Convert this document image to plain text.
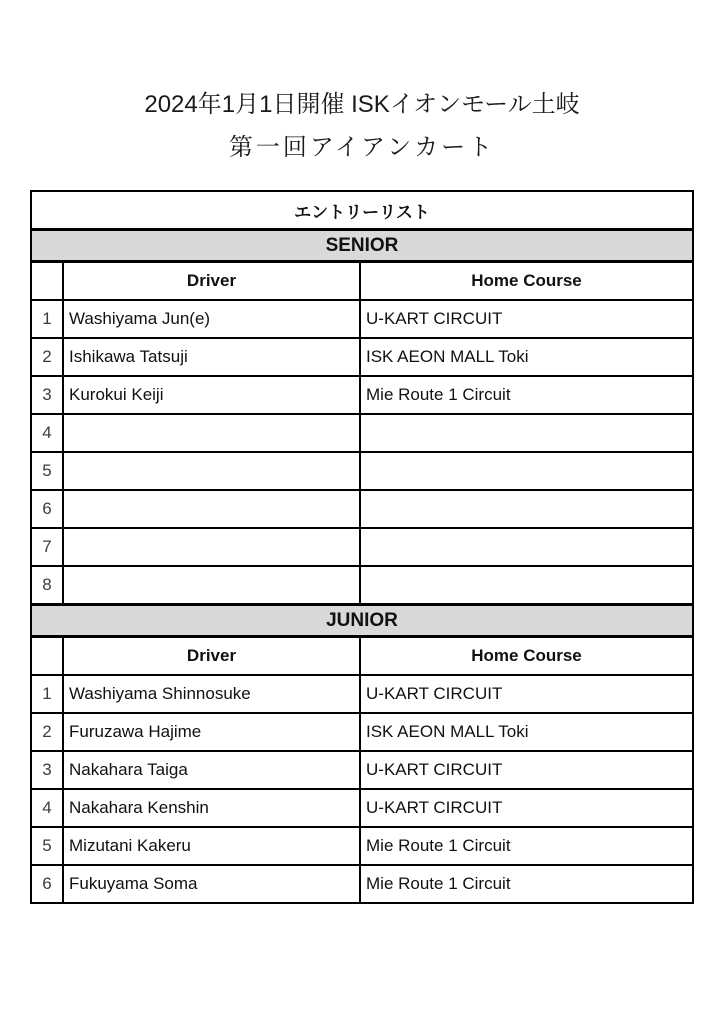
2024年1月1日開催 ISKイオンモール土岐
第一回アイアンカート
エントリーリスト		
SENIOR		
	Driver	Home Course
1	Washiyama Jun(e)	U-KART CIRCUIT
2	Ishikawa Tatsuji	ISK AEON MALL Toki
3	Kurokui Keiji	Mie Route 1 Circuit
4		
5		
6		
7		
8		
JUNIOR		
	Driver	Home Course
1	Washiyama Shinnosuke	U-KART CIRCUIT
2	Furuzawa Hajime	ISK AEON MALL Toki
3	Nakahara Taiga	U-KART CIRCUIT
4	Nakahara Kenshin	U-KART CIRCUIT
5	Mizutani Kakeru	Mie Route 1 Circuit
6	Fukuyama Soma	Mie Route 1 Circuit
